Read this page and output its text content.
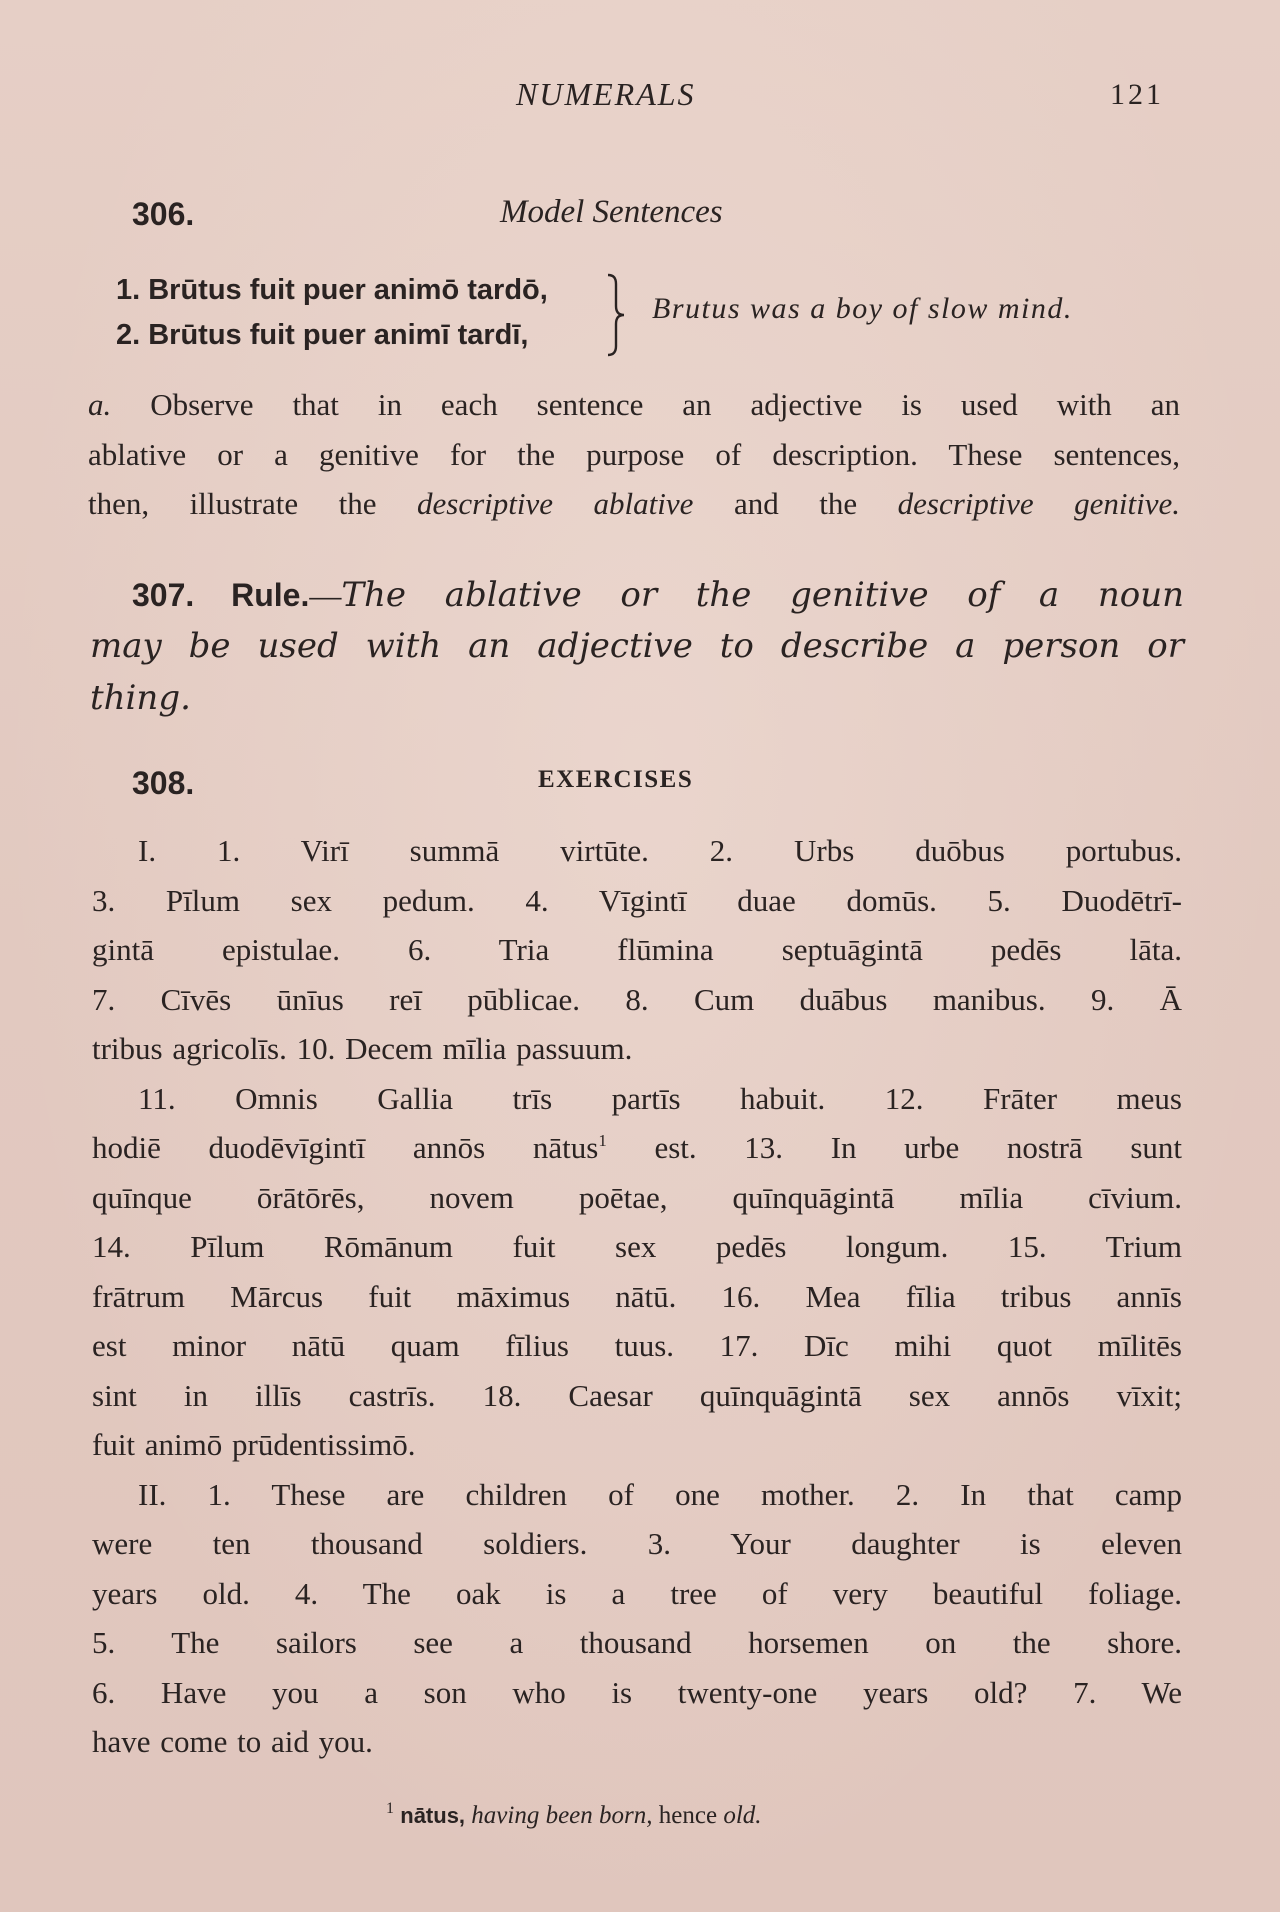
NUMERALS	121
306.	Model Sentences
1. Brūtus fuit puer animō tardō,
2. Brūtus fuit puer animī tardī,
Brutus was a boy of slow mind.
a. Observe that in each sentence an adjective is used with an
ablative or a genitive for the purpose of description. These sentences,
then, illustrate the descriptive ablative and the descriptive genitive.
307. Rule.—The ablative or the genitive of a noun
may be used with an adjective to describe a person or
thing.
308.	EXERCISES
I. 1. Virī summā virtūte. 2. Urbs duōbus portubus.
3. Pīlum sex pedum. 4. Vīgintī duae domūs. 5. Duodētrī-
gintā epistulae. 6. Tria flūmina septuāgintā pedēs lāta.
7. Cīvēs ūnīus reī pūblicae. 8. Cum duābus manibus. 9. Ā
tribus agricolīs. 10. Decem mīlia passuum.
11. Omnis Gallia trīs partīs habuit. 12. Frāter meus
hodiē duodēvīgintī annōs nātus$^1$ est. 13. In urbe nostrā sunt
quīnque ōrātōrēs, novem poētae, quīnquāgintā mīlia cīvium.
14. Pīlum Rōmānum fuit sex pedēs longum. 15. Trium
frātrum Mārcus fuit māximus nātū. 16. Mea fīlia tribus annīs
est minor nātū quam fīlius tuus. 17. Dīc mihi quot mīlitēs
sint in illīs castrīs. 18. Caesar quīnquāgintā sex annōs vīxit;
fuit animō prūdentissimō.
II. 1. These are children of one mother. 2. In that camp
were ten thousand soldiers. 3. Your daughter is eleven
years old. 4. The oak is a tree of very beautiful foliage.
5. The sailors see a thousand horsemen on the shore.
6. Have you a son who is twenty-one years old? 7. We
have come to aid you.
$^1$ nātus, having been born, hence old.
